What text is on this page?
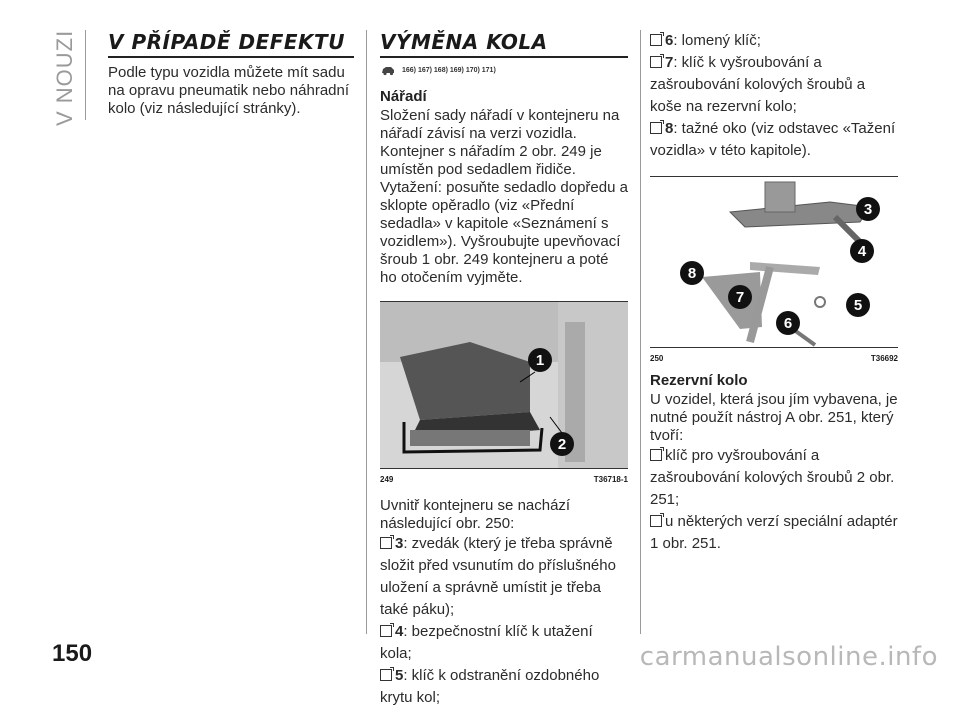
V NOUZI V PŘÍPADĚ DEFEKTU

Podle typu vozidla můžete mít sadu na opravu pneumatik nebo náhradní kolo (viz následující stránky).

VÝMĚNA KOLA
166) 167) 168) 169) 170) 171)
Nářadí

Složení sady nářadí v kontejneru na nářadí závisí na verzi vozidla. Kontejner s nářadím 2 obr. 249 je umístěn pod sedadlem řidiče. Vytažení: posuňte sedadlo dopředu a sklopte opěradlo (viz «Přední sedadla» v kapitole «Seznámení s vozidlem»). Vyšroubujte upevňovací šroub 1 obr. 249 kontejneru a poté ho otočením vyjměte.

1
2
249	T36718-1

Uvnitř kontejneru se nachází následující obr. 250:

3: zvedák (který je třeba správně složit před vsunutím do příslušného uložení a správně umístit je třeba také páku);

4: bezpečnostní klíč k utažení kola;

5: klíč k odstranění ozdobného krytu kol;

6: lomený klíč;

7: klíč k vyšroubování a zašroubování kolových šroubů a koše na rezervní kolo;

8: tažné oko (viz odstavec «Tažení vozidla» v této kapitole).

3
4
5
6
7
8
250	T36692
Rezervní kolo

U vozidel, která jsou jím vybavena, je nutné použít nástroj A obr. 251, který tvoří:

klíč pro vyšroubování a zašroubování kolových šroubů 2 obr. 251;

u některých verzí speciální adaptér 1 obr. 251.

150	carmanualsonline.info
